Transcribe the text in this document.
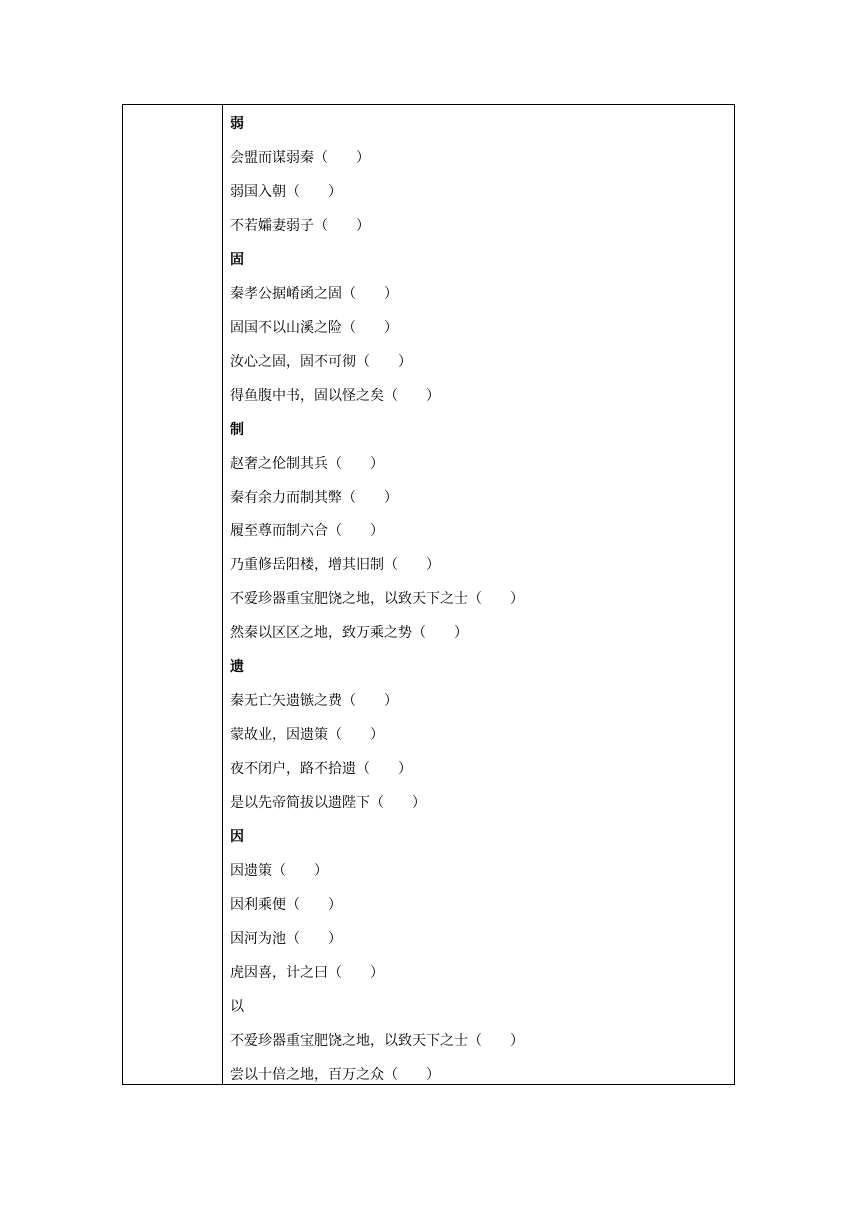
弱
会盟而谋弱秦（　　）
弱国入朝（　　）
不若孀妻弱子（　　）
固
秦孝公据崤函之固（　　）
固国不以山溪之险（　　）
汝心之固，固不可彻（　　）
得鱼腹中书，固以怪之矣（　　）
制
赵奢之伦制其兵（　　）
秦有余力而制其弊（　　）
履至尊而制六合（　　）
乃重修岳阳楼，增其旧制（　　）
不爱珍器重宝肥饶之地，以致天下之士（　　）
然秦以区区之地，致万乘之势（　　）
遗
秦无亡矢遗镞之费（　　）
蒙故业，因遗策（　　）
夜不闭户，路不拾遗（　　）
是以先帝简拔以遗陛下（　　）
因
因遗策（　　）
因利乘便（　　）
因河为池（　　）
虎因喜，计之曰（　　）
以
不爱珍器重宝肥饶之地，以致天下之士（　　）
尝以十倍之地，百万之众（　　）
